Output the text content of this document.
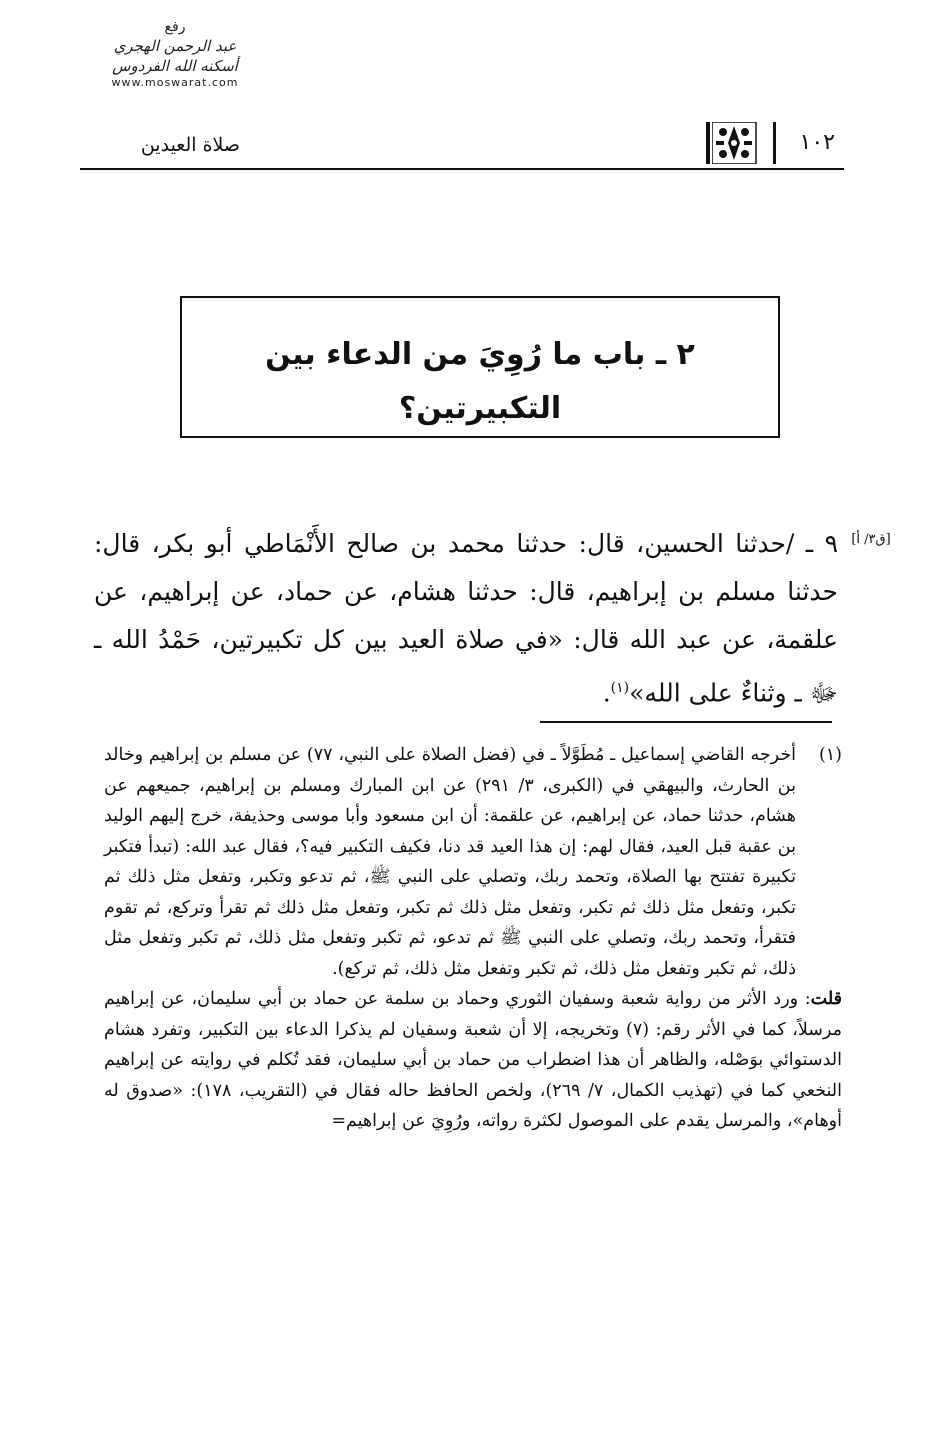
رفع
عبد الرحمن الهجري
أسكنه الله الفردوس
www.moswarat.com
صلاة العيدين	١٠٢
٢ ـ باب ما رُوِيَ من الدعاء بين
التكبيرتين؟
[ق٣/ أ]
٩ ـ /حدثنا الحسين، قال: حدثنا محمد بن صالح الأَنْمَاطي أبو بكر، قال: حدثنا مسلم بن إبراهيم، قال: حدثنا هشام، عن حماد، عن إبراهيم، عن علقمة، عن عبد الله قال: «في صلاة العيد بين كل تكبيرتين، حَمْدُ الله ـ ﷻ ـ وثناءٌ على الله»$^{(١)}$.
(١)
أخرجه القاضي إسماعيل ـ مُطَوَّلاً ـ في (فضل الصلاة على النبي، ٧٧) عن مسلم بن إبراهيم وخالد بن الحارث، والبيهقي في (الكبرى، ٣/ ٢٩١) عن ابن المبارك ومسلم بن إبراهيم، جميعهم عن هشام، حدثنا حماد، عن إبراهيم، عن علقمة: أن ابن مسعود وأبا موسى وحذيفة، خرج إليهم الوليد بن عقبة قبل العيد، فقال لهم: إن هذا العيد قد دنا، فكيف التكبير فيه؟، فقال عبد الله: (تبدأ فتكبر تكبيرة تفتتح بها الصلاة، وتحمد ربك، وتصلي على النبي ﷺ، ثم تدعو وتكبر، وتفعل مثل ذلك ثم تكبر، وتفعل مثل ذلك ثم تكبر، وتفعل مثل ذلك ثم تكبر، وتفعل مثل ذلك ثم تقرأ وتركع، ثم تقوم فتقرأ، وتحمد ربك، وتصلي على النبي ﷺ ثم تدعو، ثم تكبر وتفعل مثل ذلك، ثم تكبر وتفعل مثل ذلك، ثم تكبر وتفعل مثل ذلك، ثم تكبر وتفعل مثل ذلك، ثم تركع).
قلت: ورد الأثر من رواية شعبة وسفيان الثوري وحماد بن سلمة عن حماد بن أبي سليمان، عن إبراهيم مرسلاً، كما في الأثر رقم: (٧) وتخريجه، إلا أن شعبة وسفيان لم يذكرا الدعاء بين التكبير، وتفرد هشام الدستوائي بوَصْله، والظاهر أن هذا اضطراب من حماد بن أبي سليمان، فقد تُكلم في روايته عن إبراهيم النخعي كما في (تهذيب الكمال، ٧/ ٢٦٩)، ولخص الحافظ حاله فقال في (التقريب، ١٧٨): «صدوق له أوهام»، والمرسل يقدم على الموصول لكثرة رواته، ورُوِيَ عن إبراهيم=
